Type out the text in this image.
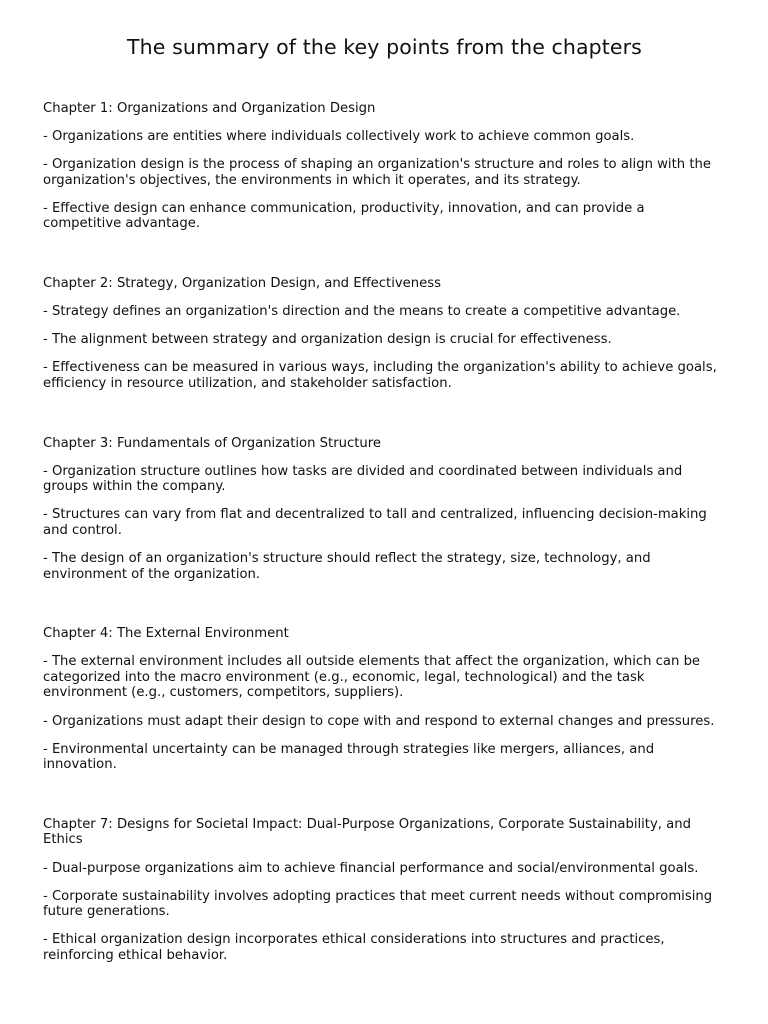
The summary of the key points from the chapters

Chapter 1: Organizations and Organization Design

- Organizations are entities where individuals collectively work to achieve common goals.

- Organization design is the process of shaping an organization's structure and roles to align with the organization's objectives, the environments in which it operates, and its strategy.

- Effective design can enhance communication, productivity, innovation, and can provide a competitive advantage.

Chapter 2: Strategy, Organization Design, and Effectiveness

- Strategy defines an organization's direction and the means to create a competitive advantage.

- The alignment between strategy and organization design is crucial for effectiveness.

- Effectiveness can be measured in various ways, including the organization's ability to achieve goals, efficiency in resource utilization, and stakeholder satisfaction.

Chapter 3: Fundamentals of Organization Structure

- Organization structure outlines how tasks are divided and coordinated between individuals and groups within the company.

- Structures can vary from flat and decentralized to tall and centralized, influencing decision-making and control.

- The design of an organization's structure should reflect the strategy, size, technology, and environment of the organization.

Chapter 4: The External Environment

- The external environment includes all outside elements that affect the organization, which can be categorized into the macro environment (e.g., economic, legal, technological) and the task environment (e.g., customers, competitors, suppliers).

- Organizations must adapt their design to cope with and respond to external changes and pressures.

- Environmental uncertainty can be managed through strategies like mergers, alliances, and innovation.

Chapter 7: Designs for Societal Impact: Dual-Purpose Organizations, Corporate Sustainability, and Ethics

- Dual-purpose organizations aim to achieve financial performance and social/environmental goals.

- Corporate sustainability involves adopting practices that meet current needs without compromising future generations.

- Ethical organization design incorporates ethical considerations into structures and practices, reinforcing ethical behavior.
